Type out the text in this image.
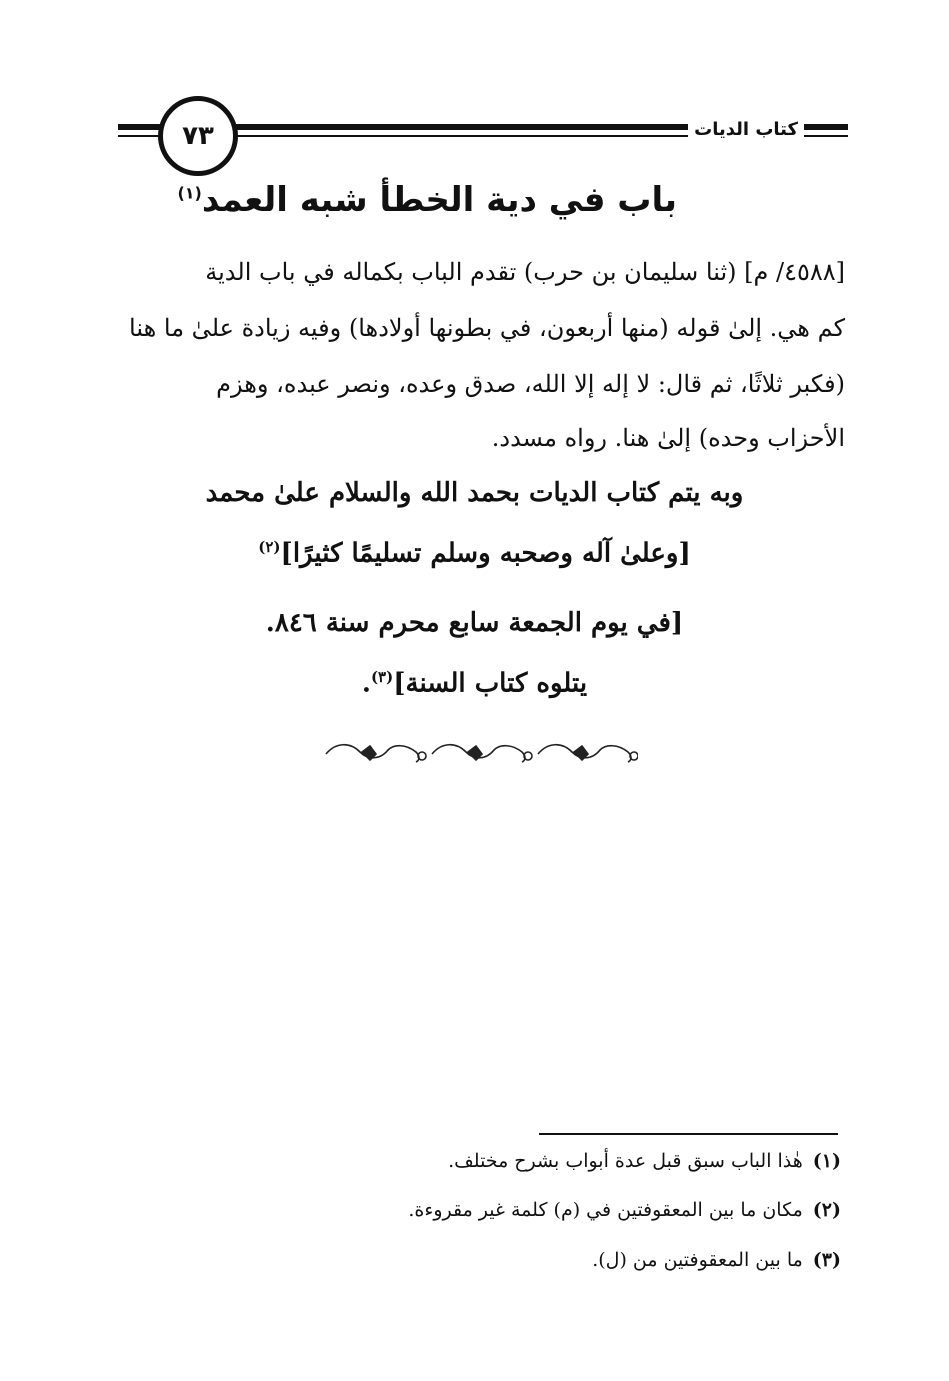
كتاب الديات
٧٣
باب في دية الخطأ شبه العمد$^{(١)}$
[٤٥٨٨/ م] (ثنا سليمان بن حرب) تقدم الباب بكماله في باب الدية
كم هي. إلىٰ قوله (منها أربعون، في بطونها أولادها) وفيه زيادة علىٰ ما هنا
(فكبر ثلاثًا، ثم قال: لا إله إلا الله، صدق وعده، ونصر عبده، وهزم
الأحزاب وحده) إلىٰ هنا. رواه مسدد.
وبه يتم كتاب الديات بحمد الله والسلام علىٰ محمد
[وعلىٰ آله وصحبه وسلم تسليمًا كثيرًا]$^{(٢)}$
[في يوم الجمعة سابع محرم سنة ٨٤٦.
يتلوه كتاب السنة]$^{(٣)}$.
(١)هٰذا الباب سبق قبل عدة أبواب بشرح مختلف.
(٢)مكان ما بين المعقوفتين في (م) كلمة غير مقروءة.
(٣)ما بين المعقوفتين من (ل).
